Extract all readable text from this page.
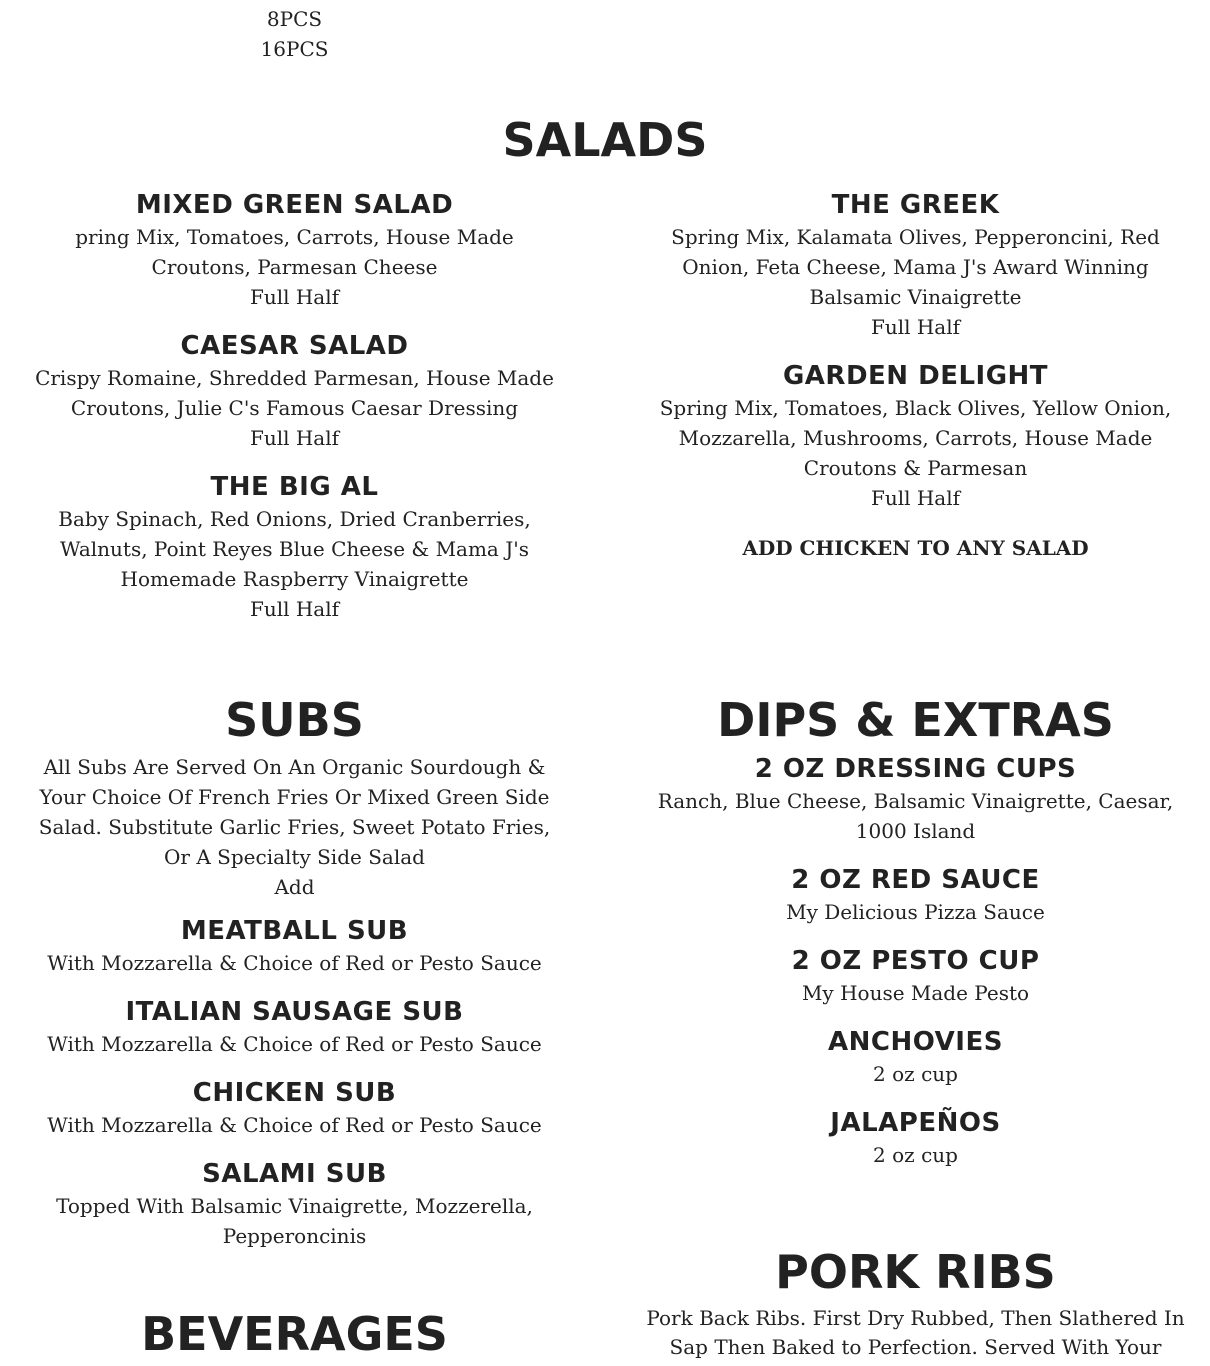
8PCS
16PCS
SALADS
MIXED GREEN SALAD
pring Mix, Tomatoes, Carrots, House Made Croutons, Parmesan Cheese
Full Half
CAESAR SALAD
Crispy Romaine, Shredded Parmesan, House Made Croutons, Julie C's Famous Caesar Dressing
Full Half
THE BIG AL
Baby Spinach, Red Onions, Dried Cranberries, Walnuts, Point Reyes Blue Cheese & Mama J's Homemade Raspberry Vinaigrette
Full Half
THE GREEK
Spring Mix, Kalamata Olives, Pepperoncini, Red Onion, Feta Cheese, Mama J's Award Winning Balsamic Vinaigrette
Full Half
GARDEN DELIGHT
Spring Mix, Tomatoes, Black Olives, Yellow Onion, Mozzarella, Mushrooms, Carrots, House Made Croutons & Parmesan
Full Half
ADD CHICKEN TO ANY SALAD
SUBS
All Subs Are Served On An Organic Sourdough & Your Choice Of French Fries Or Mixed Green Side Salad. Substitute Garlic Fries, Sweet Potato Fries, Or A Specialty Side Salad
Add
MEATBALL SUB
With Mozzarella & Choice of Red or Pesto Sauce
ITALIAN SAUSAGE SUB
With Mozzarella & Choice of Red or Pesto Sauce
CHICKEN SUB
With Mozzarella & Choice of Red or Pesto Sauce
SALAMI SUB
Topped With Balsamic Vinaigrette, Mozzerella, Pepperoncinis
BEVERAGES
DIPS & EXTRAS
2 OZ DRESSING CUPS
Ranch, Blue Cheese, Balsamic Vinaigrette, Caesar, 1000 Island
2 OZ RED SAUCE
My Delicious Pizza Sauce
2 OZ PESTO CUP
My House Made Pesto
ANCHOVIES
2 oz cup
JALAPEÑOS
2 oz cup
PORK RIBS
Pork Back Ribs. First Dry Rubbed, Then Slathered In Sap Then Baked to Perfection. Served With Your
